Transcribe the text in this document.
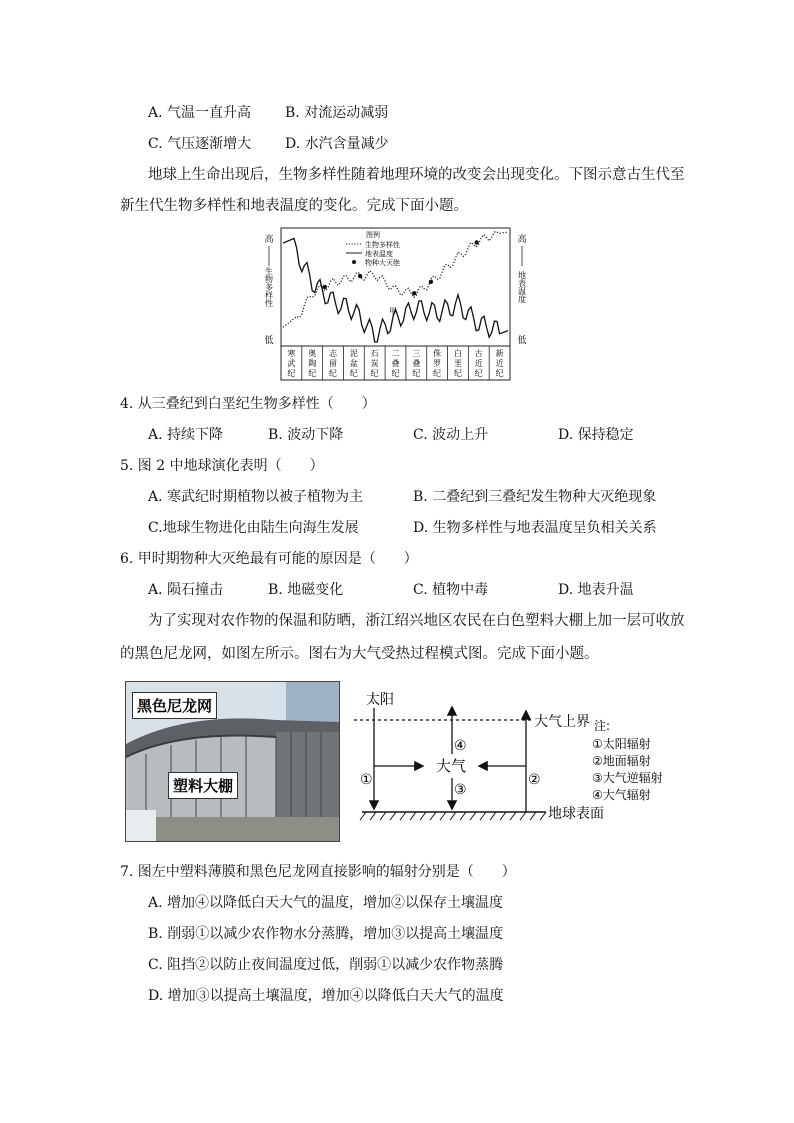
A. 气温一直升高 B. 对流运动减弱
C. 气压逐渐增大 D. 水汽含量减少
地球上生命出现后，生物多样性随着地理环境的改变会出现变化。下图示意古生代至
新生代生物多样性和地表温度的变化。完成下面小题。
寒
武
纪
奥
陶
纪
志
留
纪
泥
盆
纪
石
炭
纪
二
叠
纪
三
叠
纪
侏
罗
纪
白
垩
纪
古
近
纪
新
近
纪
高
低
高
低
生物多样性	地表温度
图例
生物多样性
地表温度
物种大灭绝
甲
4. 从三叠纪到白垩纪生物多样性（　　）
A. 持续下降	B. 波动下降	C. 波动上升	D. 保持稳定
5. 图 2 中地球演化表明（　　）
A. 寒武纪时期植物以被子植物为主	B. 二叠纪到三叠纪发生物种大灭绝现象
C.地球生物进化由陆生向海生发展	D. 生物多样性与地表温度呈负相关关系
6. 甲时期物种大灭绝最有可能的原因是（　　）
A. 陨石撞击	B. 地磁变化	C. 植物中毒	D. 地表升温
为了实现对农作物的保温和防晒，浙江绍兴地区农民在白色塑料大棚上加一层可收放
的黑色尼龙网，如图左所示。图右为大气受热过程模式图。完成下面小题。
黑色尼龙网
塑料大棚
太阳
大气上界
地球表面
①	②
大气
④
③
注:
①太阳辐射
②地面辐射
③大气逆辐射
④大气辐射
7. 图左中塑料薄膜和黑色尼龙网直接影响的辐射分别是（　　）
A. 增加④以降低白天大气的温度，增加②以保存土壤温度
B. 削弱①以减少农作物水分蒸腾，增加③以提高土壤温度
C. 阻挡②以防止夜间温度过低，削弱①以减少农作物蒸腾
D. 增加③以提高土壤温度，增加④以降低白天大气的温度
